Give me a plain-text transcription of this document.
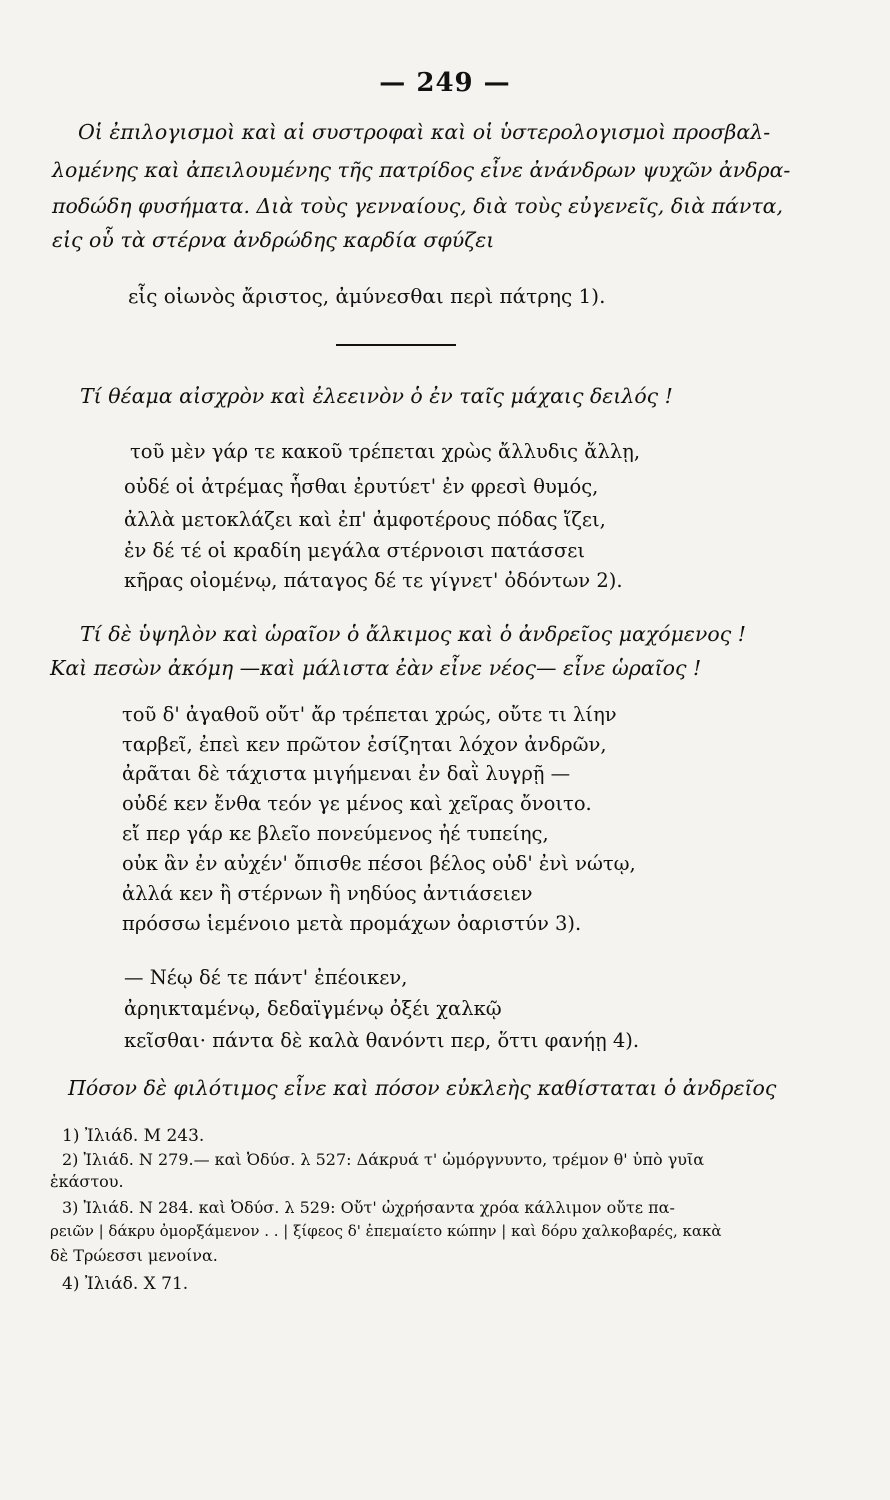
— 249 —
Οἱ ἐπιλογισμοὶ καὶ αἱ συστροφαὶ καὶ οἱ ὑστερολογισμοὶ προσβαλ-
λομένης καὶ ἀπειλουμένης τῆς πατρίδος εἶνε ἀνάνδρων ψυχῶν ἀνδρα-
ποδώδη φυσήματα. Διὰ τοὺς γενναίους, διὰ τοὺς εὐγενεῖς, διὰ πάντα,
εἰς οὗ τὰ στέρνα ἀνδρώδης καρδία σφύζει
εἷς οἰωνὸς ἄριστος, ἀμύνεσθαι περὶ πάτρης 1).
Τί θέαμα αἰσχρὸν καὶ ἐλεεινὸν ὁ ἐν ταῖς μάχαις δειλός !
τοῦ μὲν γάρ τε κακοῦ τρέπεται χρὼς ἄλλυδις ἄλλῃ,
οὐδέ οἱ ἀτρέμας ἧσθαι ἐρυτύετ' ἐν φρεσὶ θυμός,
ἀλλὰ μετοκλάζει καὶ ἐπ' ἀμφοτέρους πόδας ἵζει,
ἐν δέ τέ οἱ κραδίη μεγάλα στέρνοισι πατάσσει
κῆρας οἰομένῳ, πάταγος δέ τε γίγνετ' ὀδόντων 2).
Τί δὲ ὑψηλὸν καὶ ὡραῖον ὁ ἄλκιμος καὶ ὁ ἀνδρεῖος μαχόμενος !
Καὶ πεσὼν ἀκόμη —καὶ μάλιστα ἐὰν εἶνε νέος— εἶνε ὡραῖος !
τοῦ δ' ἀγαθοῦ οὔτ' ἄρ τρέπεται χρώς, οὔτε τι λίην
ταρβεῖ, ἐπεὶ κεν πρῶτον ἐσίζηται λόχον ἀνδρῶν,
ἀρᾶται δὲ τάχιστα μιγήμεναι ἐν δαῒ λυγρῇ —
οὐδέ κεν ἔνθα τεόν γε μένος καὶ χεῖρας ὄνοιτο.
εἴ περ γάρ κε βλεῖο πονεύμενος ἠέ τυπείης,
οὐκ ἂν ἐν αὐχέν' ὄπισθε πέσοι βέλος οὐδ' ἐνὶ νώτῳ,
ἀλλά κεν ἢ στέρνων ἢ νηδύος ἀντιάσειεν
πρόσσω ἱεμένοιο μετὰ προμάχων ὀαριστύν 3).
— Νέῳ δέ τε πάντ' ἐπέοικεν,
ἀρηικταμένῳ, δεδαϊγμένῳ ὀξέι χαλκῷ
κεῖσθαι· πάντα δὲ καλὰ θανόντι περ, ὅττι φανήῃ 4).
Πόσον δὲ φιλότιμος εἶνε καὶ πόσον εὐκλεὴς καθίσταται ὁ ἀνδρεῖος
1) Ἰλιάδ. Μ 243.
2) Ἰλιάδ. Ν 279.— καὶ Ὀδύσ. λ 527: Δάκρυά τ' ὠμόργνυντο, τρέμον θ' ὑπὸ γυῖα
ἑκάστου.
3) Ἰλιάδ. Ν 284. καὶ Ὀδύσ. λ 529: Οὔτ' ὠχρήσαντα χρόα κάλλιμον οὔτε πα-
ρειῶν | δάκρυ ὀμορξάμενον . . | ξίφεος δ' ἐπεμαίετο κώπην | καὶ δόρυ χαλκοβαρές, κακὰ
δὲ Τρώεσσι μενοίνα.
4) Ἰλιάδ. Χ 71.
